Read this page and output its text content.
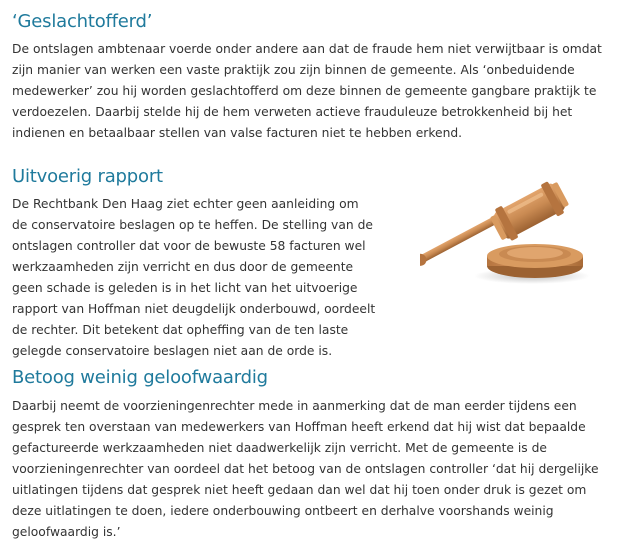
‘Geslachtofferd’

De ontslagen ambtenaar voerde onder andere aan dat de fraude hem niet verwijtbaar is omdat zijn manier van werken een vaste praktijk zou zijn binnen de gemeente. Als ‘onbeduidende medewerker’ zou hij worden geslachtofferd om deze binnen de gemeente gangbare praktijk te verdoezelen. Daarbij stelde hij de hem verweten actieve frauduleuze betrokkenheid bij het indienen en betaalbaar stellen van valse facturen niet te hebben erkend.

Uitvoerig rapport

De Rechtbank Den Haag ziet echter geen aanleiding om de conservatoire beslagen op te heffen. De stelling van de ontslagen controller dat voor de bewuste 58 facturen wel werkzaamheden zijn verricht en dus door de gemeente geen schade is geleden is in het licht van het uitvoerige rapport van Hoffman niet deugdelijk onderbouwd, oordeelt de rechter. Dit betekent dat opheffing van de ten laste gelegde conservatoire beslagen niet aan de orde is.

Betoog weinig geloofwaardig

Daarbij neemt de voorzieningenrechter mede in aanmerking dat de man eerder tijdens een gesprek ten overstaan van medewerkers van Hoffman heeft erkend dat hij wist dat bepaalde gefactureerde werkzaamheden niet daadwerkelijk zijn verricht. Met de gemeente is de voorzieningenrechter van oordeel dat het betoog van de ontslagen controller ‘dat hij dergelijke uitlatingen tijdens dat gesprek niet heeft gedaan dan wel dat hij toen onder druk is gezet om deze uitlatingen te doen, iedere onderbouwing ontbeert en derhalve voorshands weinig geloofwaardig is.’
